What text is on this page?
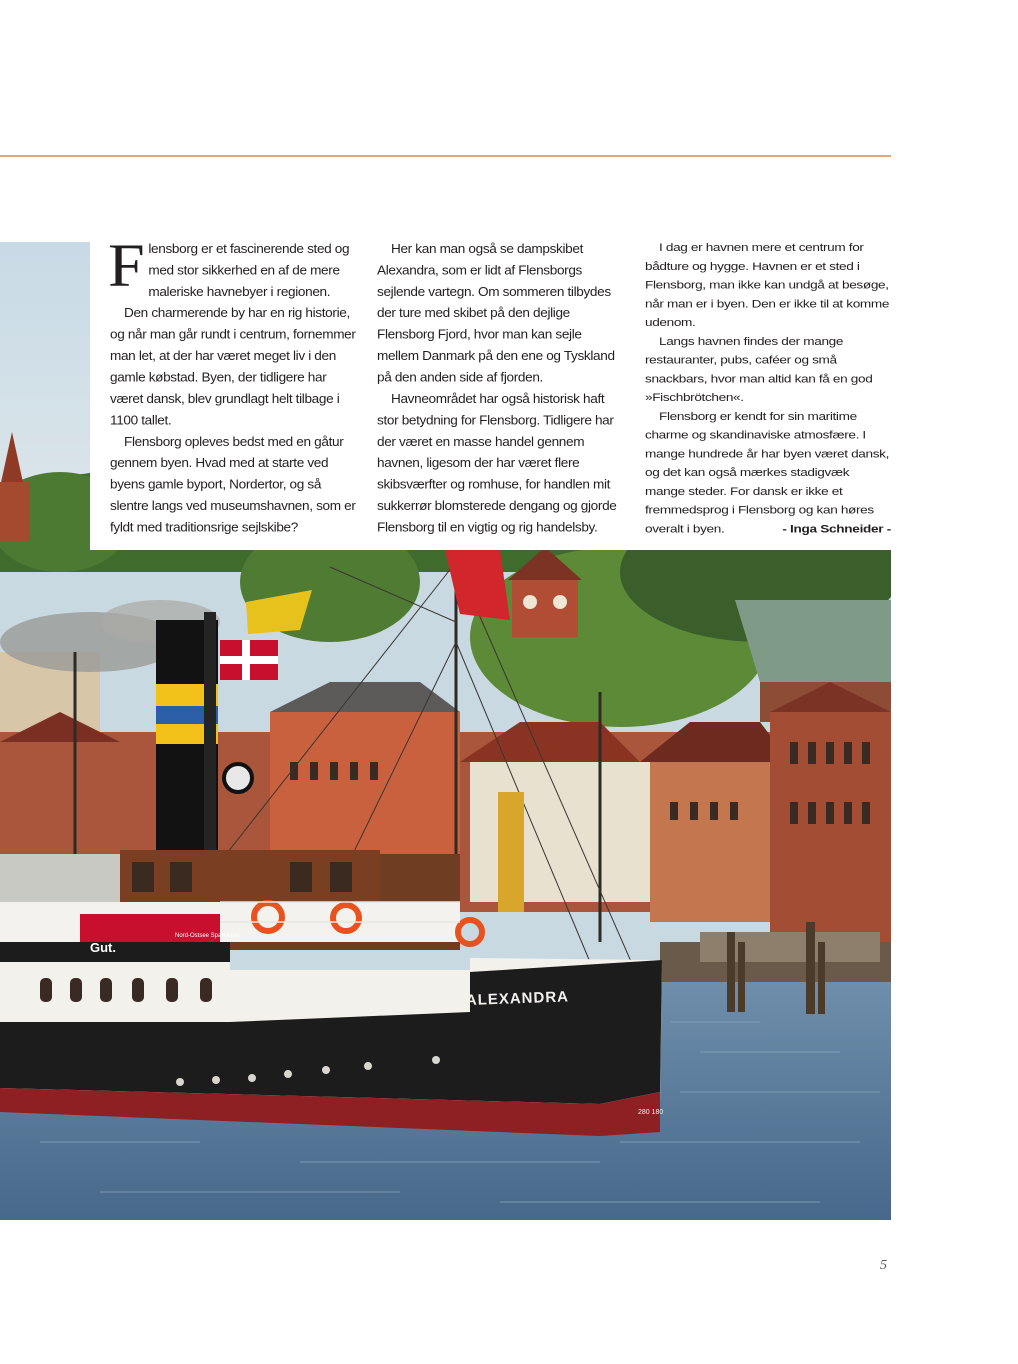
ALEXANDRA
Gut.
Nord-Ostsee Sparkasse
280 180

Flensborg er et fascinerende sted og med stor sikkerhed en af de mere maleriske havnebyer i regionen.

Den charmerende by har en rig historie, og når man går rundt i centrum, fornemmer man let, at der har været meget liv i den gamle købstad. Byen, der tidligere har været dansk, blev grundlagt helt tilbage i 1100 tallet.

Flensborg opleves bedst med en gåtur gennem byen. Hvad med at starte ved byens gamle byport, Nordertor, og så slentre langs ved museumshavnen, som er fyldt med traditionsrige sejlskibe?

Her kan man også se dampskibet Alexandra, som er lidt af Flensborgs sejlende vartegn. Om sommeren tilbydes der ture med skibet på den dejlige Flensborg Fjord, hvor man kan sejle mellem Danmark på den ene og Tyskland på den anden side af fjorden.

Havneområdet har også historisk haft stor betydning for Flensborg. Tidligere har der været en masse handel gennem havnen, ligesom der har været flere skibsværfter og romhuse, for handlen mit sukkerrør blomsterede dengang og gjorde Flensborg til en vigtig og rig handelsby.

I dag er havnen mere et centrum for bådture og hygge. Havnen er et sted i Flensborg, man ikke kan undgå at besøge, når man er i byen. Den er ikke til at komme udenom.

Langs havnen findes der mange restauranter, pubs, caféer og små snackbars, hvor man altid kan få en god »Fischbrötchen«.

Flensborg er kendt for sin maritime charme og skandinaviske atmosfære. I mange hundrede år har byen været dansk, og det kan også mærkes stadigvæk mange steder. For dansk er ikke et fremmedsprog i Flensborg og kan høres overalt i byen.	- Inga Schneider -

5
